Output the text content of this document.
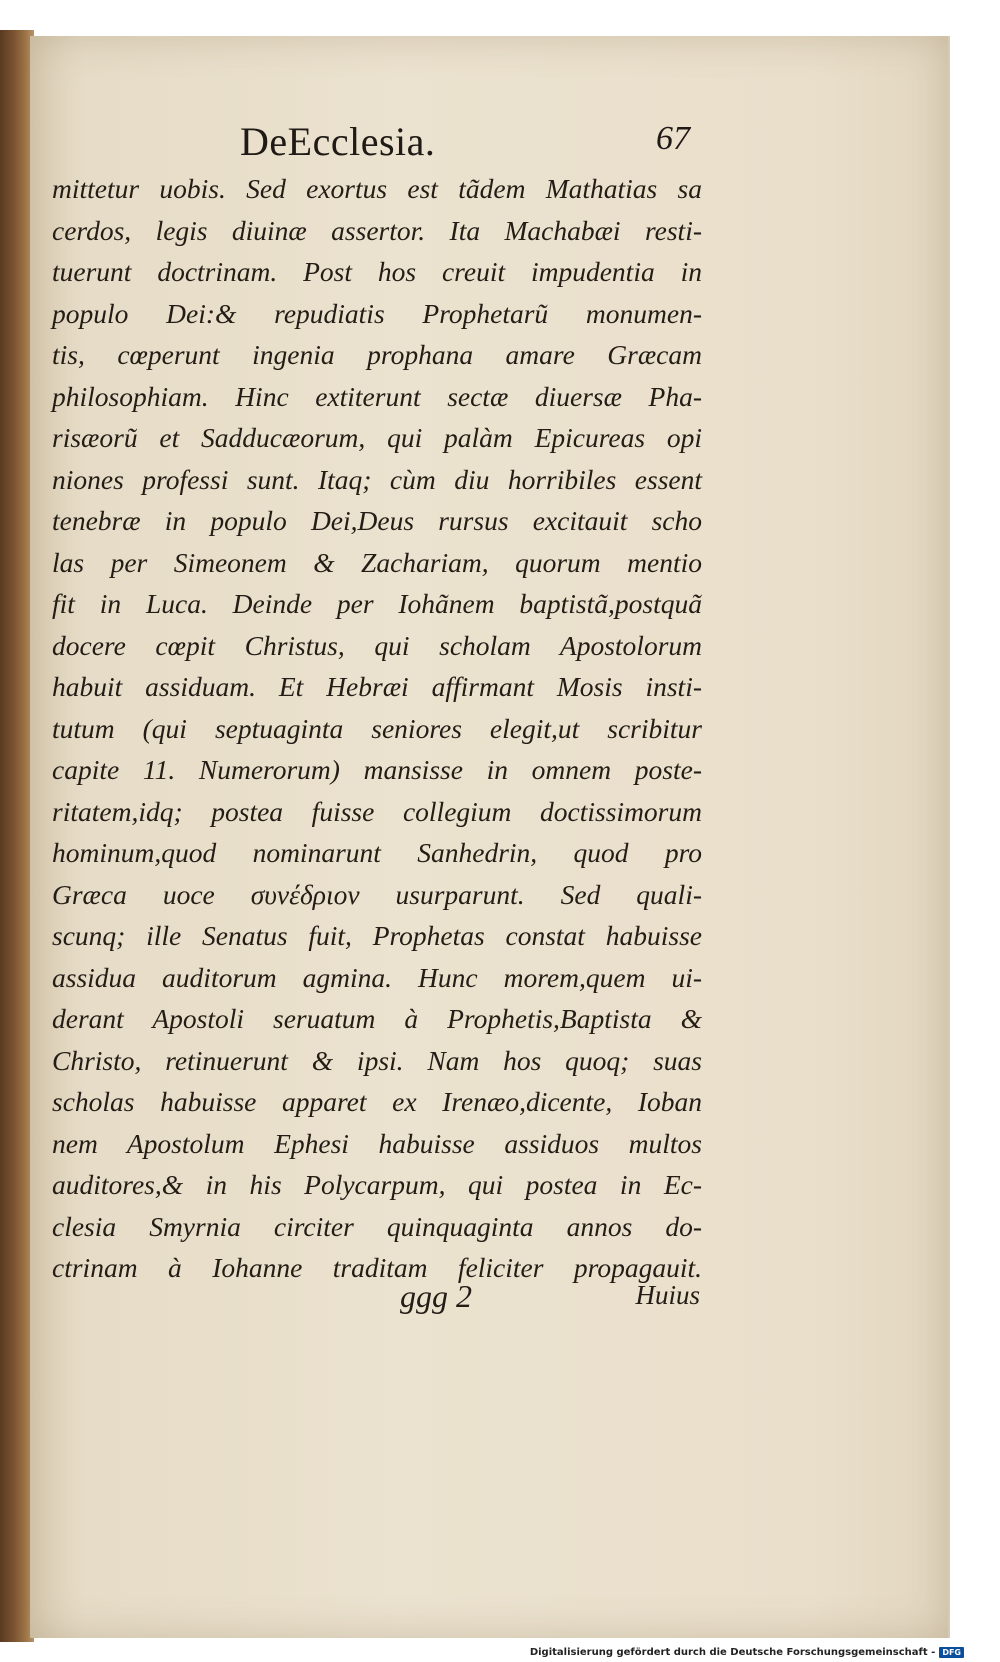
DeEcclesia.	67
mittetur uobis. Sed exortus est tãdem Mathatias sa
cerdos, legis diuinæ assertor. Ita Machabæi resti-
tuerunt doctrinam. Post hos creuit impudentia in
populo Dei:& repudiatis Prophetarũ monumen-
tis, cœperunt ingenia prophana amare Græcam
philosophiam. Hinc extiterunt sectæ diuersæ Pha-
risæorũ et Sadducæorum, qui palàm Epicureas opi
niones professi sunt. Itaq; cùm diu horribiles essent
tenebræ in populo Dei,Deus rursus excitauit scho
las per Simeonem & Zachariam, quorum mentio
fit in Luca. Deinde per Iohãnem baptistã,postquã
docere cœpit Christus, qui scholam Apostolorum
habuit assiduam. Et Hebræi affirmant Mosis insti-
tutum (qui septuaginta seniores elegit,ut scribitur
capite 11. Numerorum) mansisse in omnem poste-
ritatem,idq; postea fuisse collegium doctissimorum
hominum,quod nominarunt Sanhedrin, quod pro
Græca uoce συνέδριον usurparunt. Sed quali-
scunq; ille Senatus fuit, Prophetas constat habuisse
assidua auditorum agmina. Hunc morem,quem ui-
derant Apostoli seruatum à Prophetis,Baptista &
Christo, retinuerunt & ipsi. Nam hos quoq; suas
scholas habuisse apparet ex Irenæo,dicente, Ioban
nem Apostolum Ephesi habuisse assiduos multos
auditores,& in his Polycarpum, qui postea in Ec-
clesia Smyrnia circiter quinquaginta annos do-
ctrinam à Iohanne traditam feliciter propagauit.
ggg 2	Huius
Digitalisierung gefördert durch die Deutsche Forschungsgemeinschaft - DFG
